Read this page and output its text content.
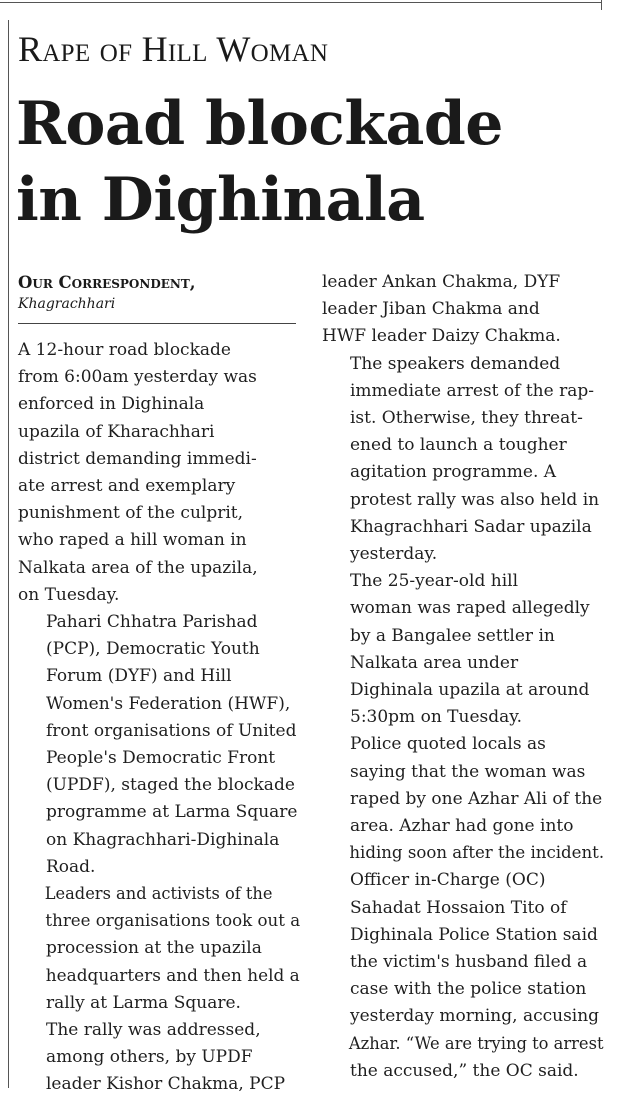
Rape of Hill Woman
Road blockade
in Dighinala
Our Correspondent,
Khagrachhari

A 12-hour road blockade
from 6:00am yesterday was
enforced in Dighinala
upazila of Kharachhari
district demanding immedi-
ate arrest and exemplary
punishment of the culprit,
who raped a hill woman in
Nalkata area of the upazila,
on Tuesday.

Pahari Chhatra Parishad
(PCP), Democratic Youth
Forum (DYF) and Hill
Women's Federation (HWF),
front organisations of United
People's Democratic Front
(UPDF), staged the blockade
programme at Larma Square
on Khagrachhari-Dighinala
Road.

Leaders and activists of the
three organisations took out a
procession at the upazila
headquarters and then held a
rally at Larma Square.

The rally was addressed,
among others, by UPDF
leader Kishor Chakma, PCP

leader Ankan Chakma, DYF
leader Jiban Chakma and
HWF leader Daizy Chakma.

The speakers demanded
immediate arrest of the rap-
ist. Otherwise, they threat-
ened to launch a tougher
agitation programme. A
protest rally was also held in
Khagrachhari Sadar upazila
yesterday.

The 25-year-old hill
woman was raped allegedly
by a Bangalee settler in
Nalkata area under
Dighinala upazila at around
5:30pm on Tuesday.

Police quoted locals as
saying that the woman was
raped by one Azhar Ali of the
area. Azhar had gone into
hiding soon after the incident.

Officer in-Charge (OC)
Sahadat Hossaion Tito of
Dighinala Police Station said
the victim's husband filed a
case with the police station
yesterday morning, accusing
Azhar. “We are trying to arrest
the accused,” the OC said.
